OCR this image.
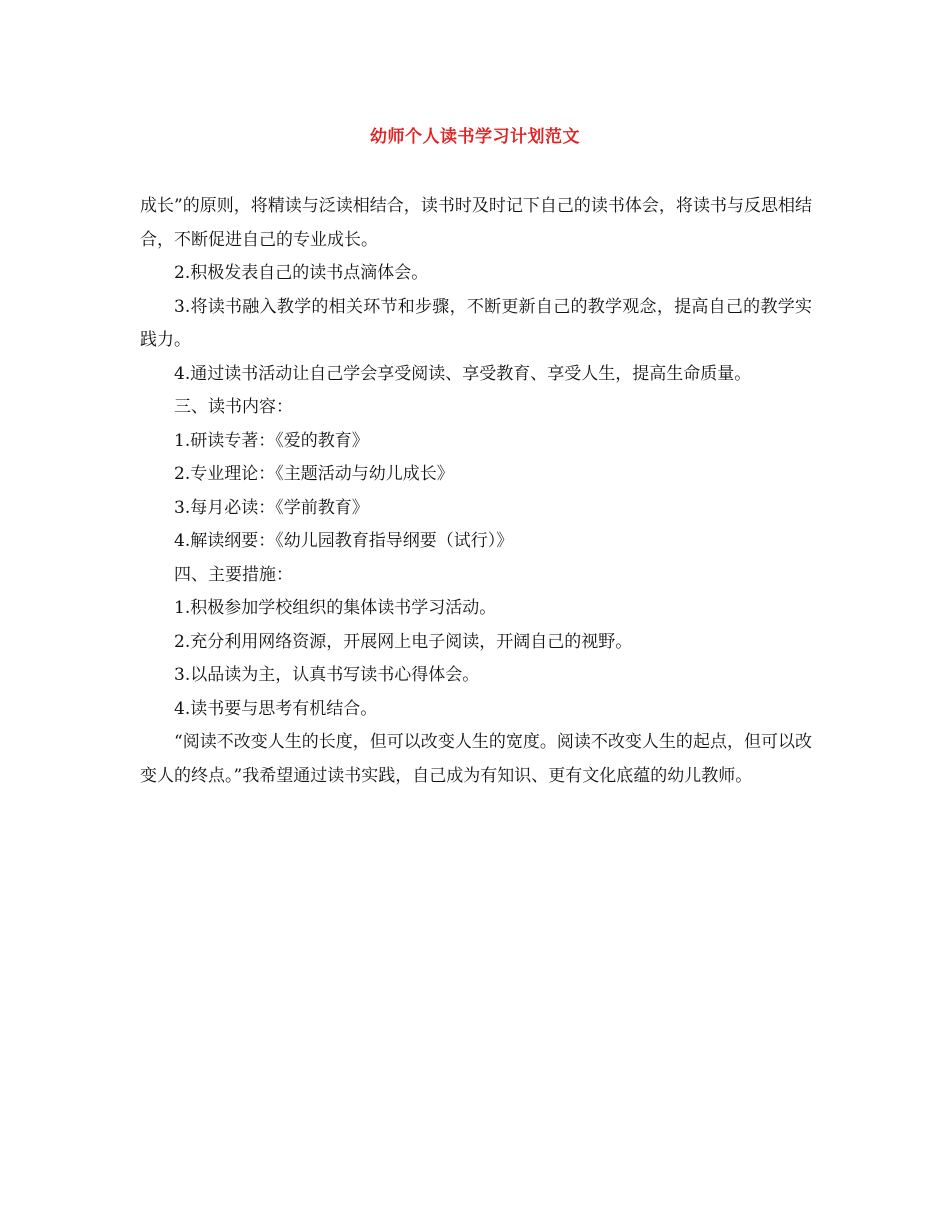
幼师个人读书学习计划范文

成长”的原则，将精读与泛读相结合，读书时及时记下自己的读书体会，将读书与反思相结合，不断促进自己的专业成长。

2.积极发表自己的读书点滴体会。

3.将读书融入教学的相关环节和步骤，不断更新自己的教学观念，提高自己的教学实践力。

4.通过读书活动让自己学会享受阅读、享受教育、享受人生，提高生命质量。

三、读书内容：

1.研读专著：《爱的教育》

2.专业理论：《主题活动与幼儿成长》

3.每月必读：《学前教育》

4.解读纲要：《幼儿园教育指导纲要（试行）》

四、主要措施：

1.积极参加学校组织的集体读书学习活动。

2.充分利用网络资源，开展网上电子阅读，开阔自己的视野。

3.以品读为主，认真书写读书心得体会。

4.读书要与思考有机结合。

“阅读不改变人生的长度，但可以改变人生的宽度。阅读不改变人生的起点，但可以改变人的终点。”我希望通过读书实践，自己成为有知识、更有文化底蕴的幼儿教师。
